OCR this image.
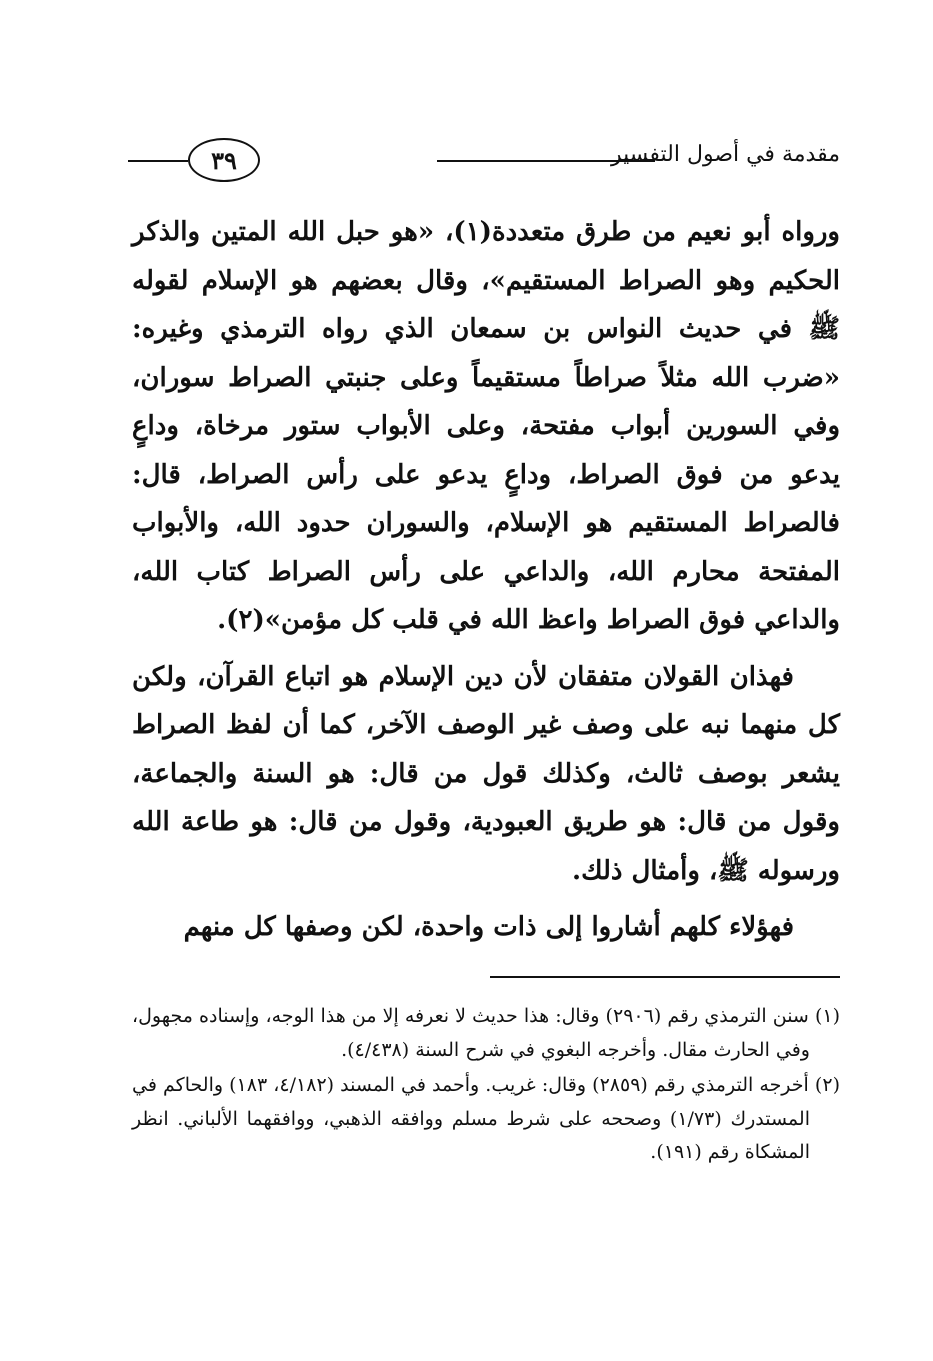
٣٩	مقدمة في أصول التفسير

ورواه أبو نعيم من طرق متعددة(١)، «هو حبل الله المتين والذكر الحكيم وهو الصراط المستقيم»، وقال بعضهم هو الإسلام لقوله ﷺ في حديث النواس بن سمعان الذي رواه الترمذي وغيره: «ضرب الله مثلاً صراطاً مستقيماً وعلى جنبتي الصراط سوران، وفي السورين أبواب مفتحة، وعلى الأبواب ستور مرخاة، وداعٍ يدعو من فوق الصراط، وداعٍ يدعو على رأس الصراط، قال: فالصراط المستقيم هو الإسلام، والسوران حدود الله، والأبواب المفتحة محارم الله، والداعي على رأس الصراط كتاب الله، والداعي فوق الصراط واعظ الله في قلب كل مؤمن»(٢).

فهذان القولان متفقان لأن دين الإسلام هو اتباع القرآن، ولكن كل منهما نبه على وصف غير الوصف الآخر، كما أن لفظ الصراط يشعر بوصف ثالث، وكذلك قول من قال: هو السنة والجماعة، وقول من قال: هو طريق العبودية، وقول من قال: هو طاعة الله ورسوله ﷺ، وأمثال ذلك.

فهؤلاء كلهم أشاروا إلى ذات واحدة، لكن وصفها كل منهم

(١) سنن الترمذي رقم (٢٩٠٦) وقال: هذا حديث لا نعرفه إلا من هذا الوجه، وإسناده مجهول، وفي الحارث مقال. وأخرجه البغوي في شرح السنة (٤/٤٣٨).

(٢) أخرجه الترمذي رقم (٢٨٥٩) وقال: غريب. وأحمد في المسند (٤/١٨٢، ١٨٣) والحاكم في المستدرك (١/٧٣) وصححه على شرط مسلم ووافقه الذهبي، ووافقهما الألباني. انظر المشكاة رقم (١٩١).
